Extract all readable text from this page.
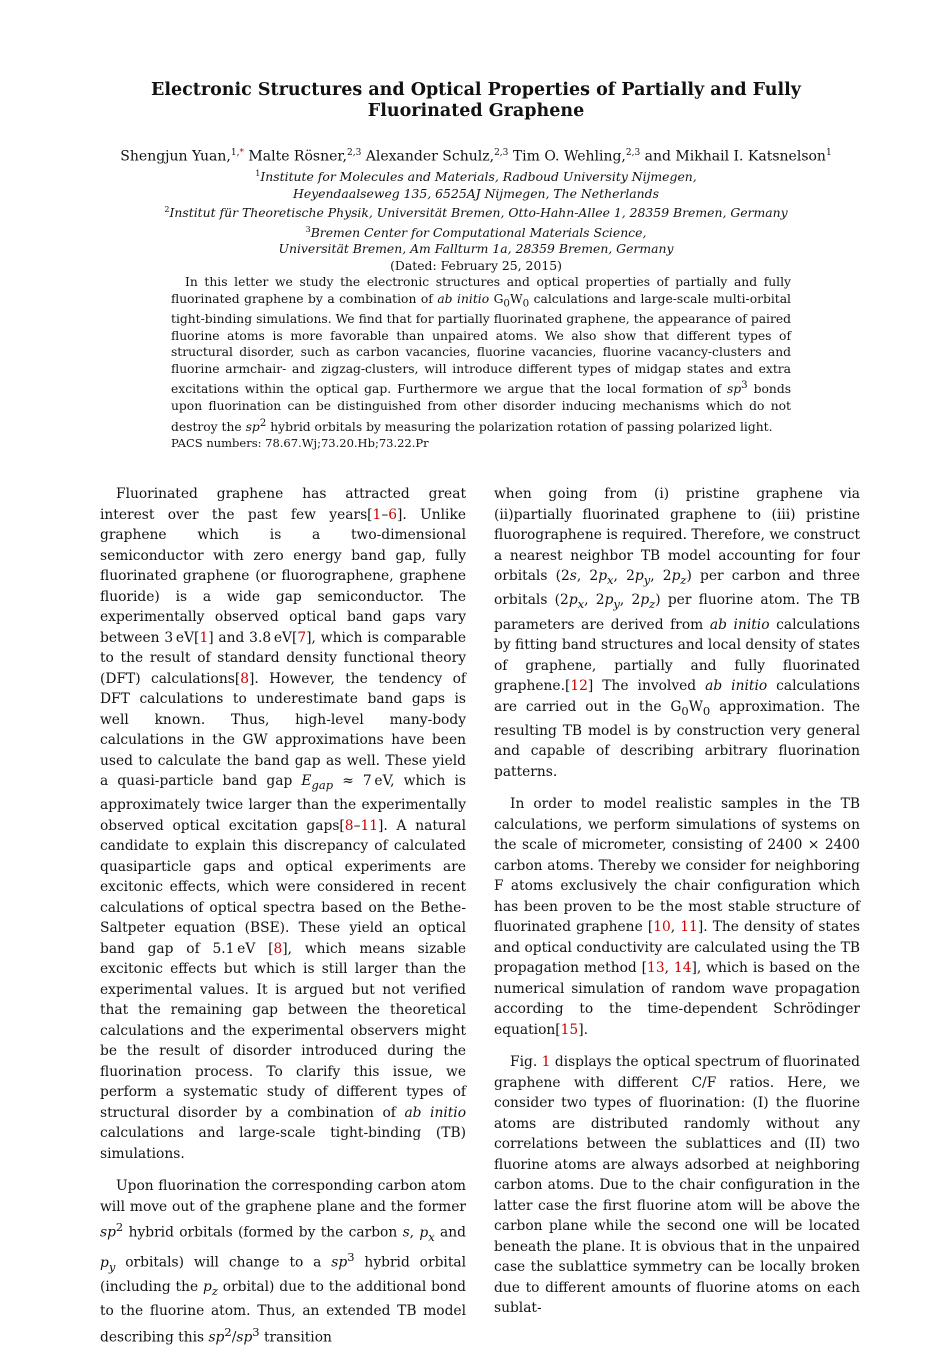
Electronic Structures and Optical Properties of Partially and Fully Fluorinated Graphene
Shengjun Yuan,$^{1,*}$ Malte Rösner,$^{2,3}$ Alexander Schulz,$^{2,3}$ Tim O. Wehling,$^{2,3}$ and Mikhail I. Katsnelson$^1$
$^1$Institute for Molecules and Materials, Radboud University Nijmegen,
Heyendaalseweg 135, 6525AJ Nijmegen, The Netherlands
$^2$Institut für Theoretische Physik, Universität Bremen, Otto-Hahn-Allee 1, 28359 Bremen, Germany
$^3$Bremen Center for Computational Materials Science,
Universität Bremen, Am Fallturm 1a, 28359 Bremen, Germany
(Dated: February 25, 2015)
In this letter we study the electronic structures and optical properties of partially and fully fluorinated graphene by a combination of ab initio $G_0W_0$ calculations and large-scale multi-orbital tight-binding simulations. We find that for partially fluorinated graphene, the appearance of paired fluorine atoms is more favorable than unpaired atoms. We also show that different types of structural disorder, such as carbon vacancies, fluorine vacancies, fluorine vacancy-clusters and fluorine armchair- and zigzag-clusters, will introduce different types of midgap states and extra excitations within the optical gap. Furthermore we argue that the local formation of $sp^3$ bonds upon fluorination can be distinguished from other disorder inducing mechanisms which do not destroy the $sp^2$ hybrid orbitals by measuring the polarization rotation of passing polarized light.
PACS numbers: 78.67.Wj;73.20.Hb;73.22.Pr

Fluorinated graphene has attracted great interest over the past few years[1–6]. Unlike graphene which is a two-dimensional semiconductor with zero energy band gap, fully fluorinated graphene (or fluorographene, graphene fluoride) is a wide gap semiconductor. The experimentally observed optical band gaps vary between 3 eV[1] and 3.8 eV[7], which is comparable to the result of standard density functional theory (DFT) calculations[8]. However, the tendency of DFT calculations to underestimate band gaps is well known. Thus, high-level many-body calculations in the GW approximations have been used to calculate the band gap as well. These yield a quasi-particle band gap $E_{gap} \approx 7$ eV, which is approximately twice larger than the experimentally observed optical excitation gaps[8–11]. A natural candidate to explain this discrepancy of calculated quasiparticle gaps and optical experiments are excitonic effects, which were considered in recent calculations of optical spectra based on the Bethe-Saltpeter equation (BSE). These yield an optical band gap of 5.1 eV [8], which means sizable excitonic effects but which is still larger than the experimental values. It is argued but not verified that the remaining gap between the theoretical calculations and the experimental observers might be the result of disorder introduced during the fluorination process. To clarify this issue, we perform a systematic study of different types of structural disorder by a combination of ab initio calculations and large-scale tight-binding (TB) simulations.

Upon fluorination the corresponding carbon atom will move out of the graphene plane and the former $sp^2$ hybrid orbitals (formed by the carbon s, $p_x$ and $p_y$ orbitals) will change to a $sp^3$ hybrid orbital (including the $p_z$ orbital) due to the additional bond to the fluorine atom. Thus, an extended TB model describing this $sp^2/sp^3$ transition

when going from (i) pristine graphene via (ii)partially fluorinated graphene to (iii) pristine fluorographene is required. Therefore, we construct a nearest neighbor TB model accounting for four orbitals (2s, $2p_x$, $2p_y$, $2p_z$) per carbon and three orbitals ($2p_x$, $2p_y$, $2p_z$) per fluorine atom. The TB parameters are derived from ab initio calculations by fitting band structures and local density of states of graphene, partially and fully fluorinated graphene.[12] The involved ab initio calculations are carried out in the $G_0W_0$ approximation. The resulting TB model is by construction very general and capable of describing arbitrary fluorination patterns.

In order to model realistic samples in the TB calculations, we perform simulations of systems on the scale of micrometer, consisting of 2400 × 2400 carbon atoms. Thereby we consider for neighboring F atoms exclusively the chair configuration which has been proven to be the most stable structure of fluorinated graphene [10, 11]. The density of states and optical conductivity are calculated using the TB propagation method [13, 14], which is based on the numerical simulation of random wave propagation according to the time-dependent Schrödinger equation[15].

Fig. 1 displays the optical spectrum of fluorinated graphene with different C/F ratios. Here, we consider two types of fluorination: (I) the fluorine atoms are distributed randomly without any correlations between the sublattices and (II) two fluorine atoms are always adsorbed at neighboring carbon atoms. Due to the chair configuration in the latter case the first fluorine atom will be above the carbon plane while the second one will be located beneath the plane. It is obvious that in the unpaired case the sublattice symmetry can be locally broken due to different amounts of fluorine atoms on each sublat-
